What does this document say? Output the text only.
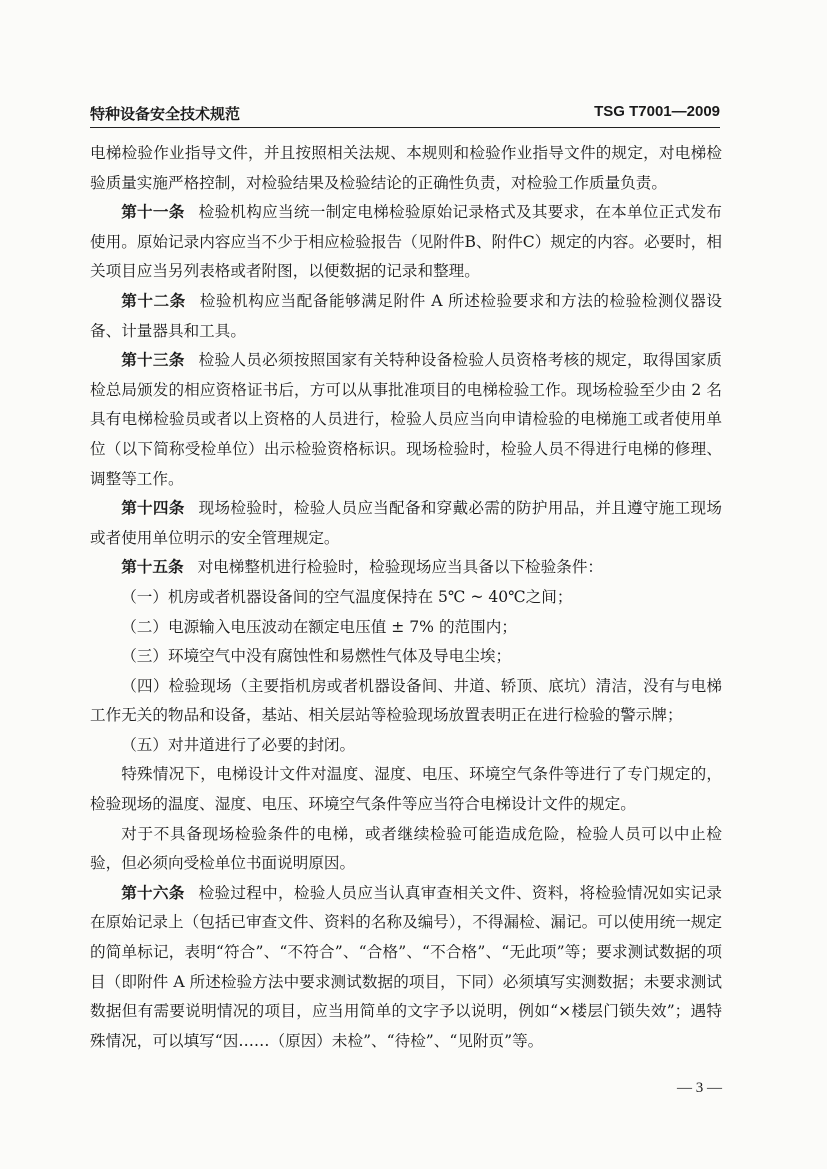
特种设备安全技术规范	TSG T7001—2009

电梯检验作业指导文件，并且按照相关法规、本规则和检验作业指导文件的规定，对电梯检验质量实施严格控制，对检验结果及检验结论的正确性负责，对检验工作质量负责。

第十一条 检验机构应当统一制定电梯检验原始记录格式及其要求，在本单位正式发布使用。原始记录内容应当不少于相应检验报告（见附件B、附件C）规定的内容。必要时，相关项目应当另列表格或者附图，以便数据的记录和整理。

第十二条 检验机构应当配备能够满足附件 A 所述检验要求和方法的检验检测仪器设备、计量器具和工具。

第十三条 检验人员必须按照国家有关特种设备检验人员资格考核的规定，取得国家质检总局颁发的相应资格证书后，方可以从事批准项目的电梯检验工作。现场检验至少由 2 名具有电梯检验员或者以上资格的人员进行，检验人员应当向申请检验的电梯施工或者使用单位（以下简称受检单位）出示检验资格标识。现场检验时，检验人员不得进行电梯的修理、调整等工作。

第十四条 现场检验时，检验人员应当配备和穿戴必需的防护用品，并且遵守施工现场或者使用单位明示的安全管理规定。

第十五条 对电梯整机进行检验时，检验现场应当具备以下检验条件：

（一）机房或者机器设备间的空气温度保持在 5℃ ~ 40℃之间；

（二）电源输入电压波动在额定电压值 ± 7% 的范围内；

（三）环境空气中没有腐蚀性和易燃性气体及导电尘埃；

（四）检验现场（主要指机房或者机器设备间、井道、轿顶、底坑）清洁，没有与电梯工作无关的物品和设备，基站、相关层站等检验现场放置表明正在进行检验的警示牌；

（五）对井道进行了必要的封闭。

特殊情况下，电梯设计文件对温度、湿度、电压、环境空气条件等进行了专门规定的，检验现场的温度、湿度、电压、环境空气条件等应当符合电梯设计文件的规定。

对于不具备现场检验条件的电梯，或者继续检验可能造成危险，检验人员可以中止检验，但必须向受检单位书面说明原因。

第十六条 检验过程中，检验人员应当认真审查相关文件、资料，将检验情况如实记录在原始记录上（包括已审查文件、资料的名称及编号），不得漏检、漏记。可以使用统一规定的简单标记，表明“符合”、“不符合”、“合格”、“不合格”、“无此项”等；要求测试数据的项目（即附件 A 所述检验方法中要求测试数据的项目，下同）必须填写实测数据；未要求测试数据但有需要说明情况的项目，应当用简单的文字予以说明，例如“×楼层门锁失效”；遇特殊情况，可以填写“因……（原因）未检”、“待检”、“见附页”等。

— 3 —
